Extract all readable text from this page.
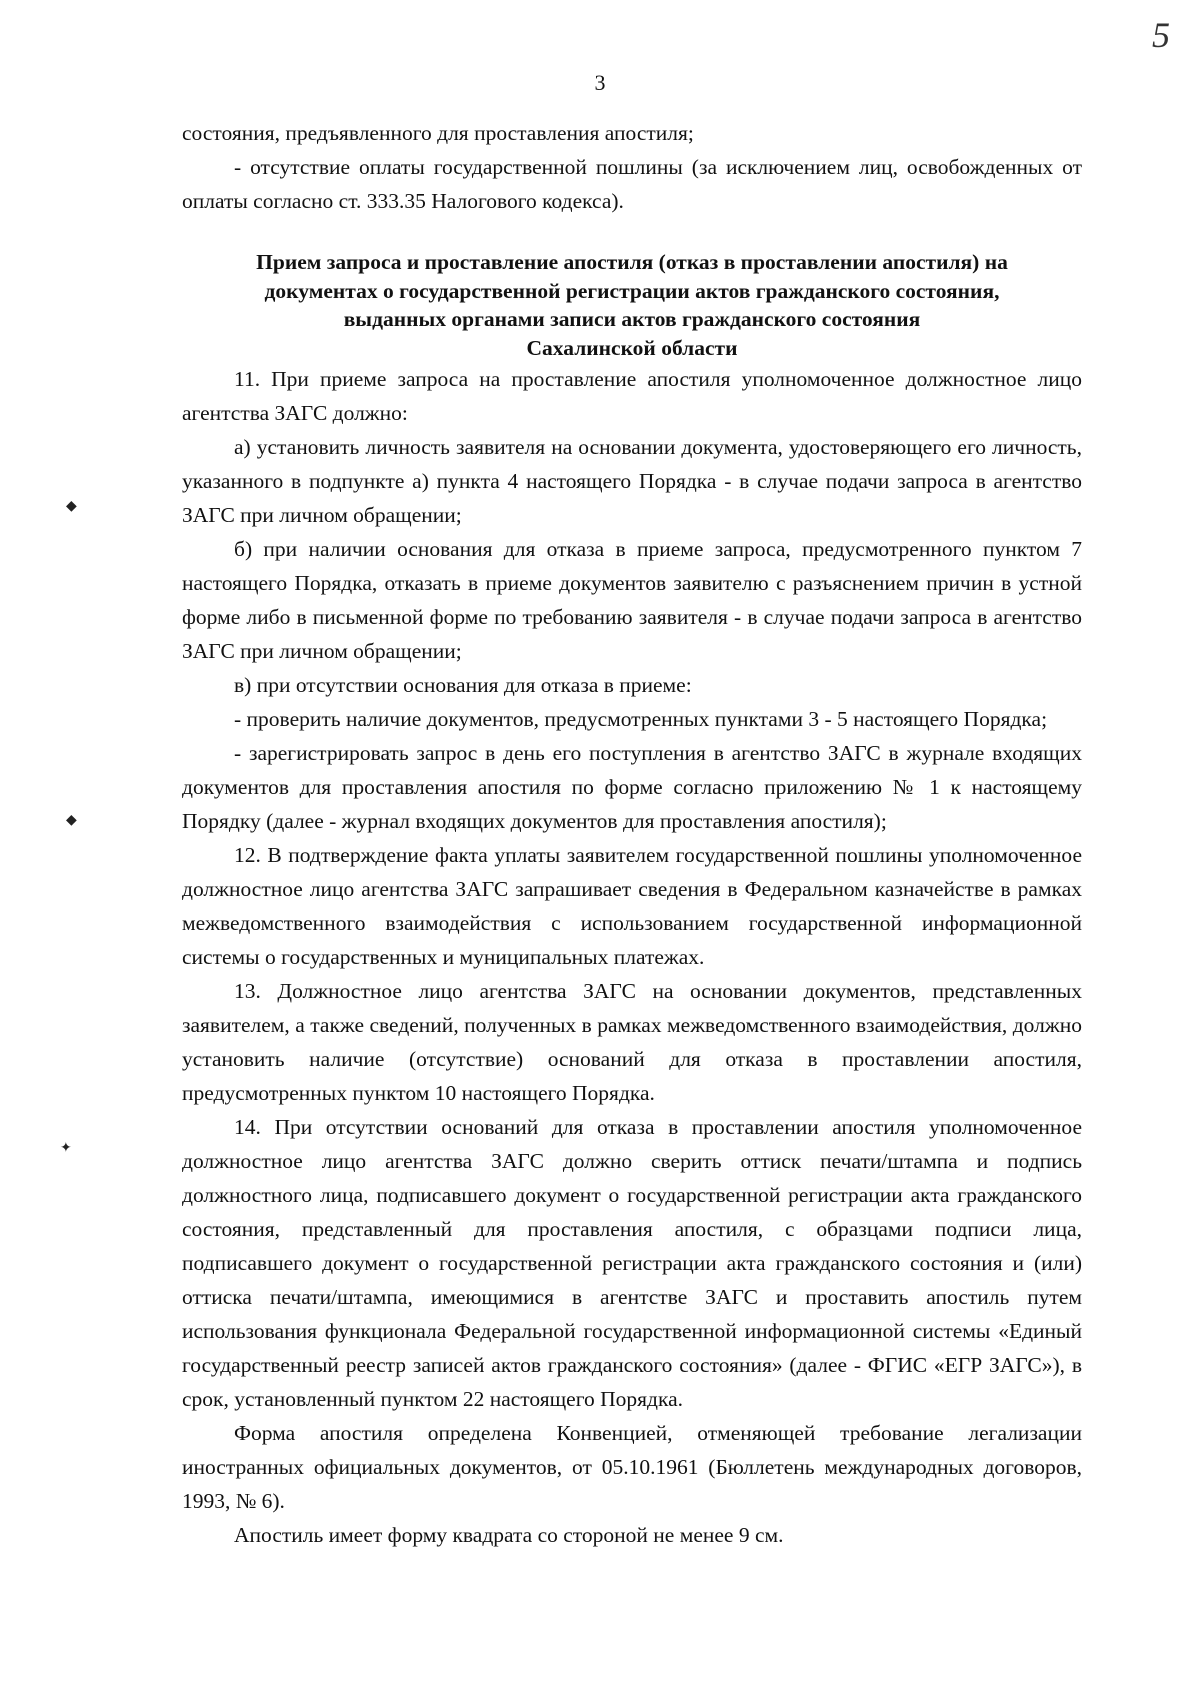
5
3

состояния, предъявленного для проставления апостиля;

- отсутствие оплаты государственной пошлины (за исключением лиц, освобожденных от оплаты согласно ст. 333.35 Налогового кодекса).

Прием запроса и проставление апостиля (отказ в проставлении апостиля) на
документах о государственной регистрации актов гражданского состояния,
выданных органами записи актов гражданского состояния
Сахалинской области

11. При приеме запроса на проставление апостиля уполномоченное должностное лицо агентства ЗАГС должно:

а) установить личность заявителя на основании документа, удостоверяющего его личность, указанного в подпункте а) пункта 4 настоящего Порядка - в случае подачи запроса в агентство ЗАГС при личном обращении;

б) при наличии основания для отказа в приеме запроса, предусмотренного пунктом 7 настоящего Порядка, отказать в приеме документов заявителю с разъяснением причин в устной форме либо в письменной форме по требованию заявителя - в случае подачи запроса в агентство ЗАГС при личном обращении;

в) при отсутствии основания для отказа в приеме:

- проверить наличие документов, предусмотренных пунктами 3 - 5 настоящего Порядка;

- зарегистрировать запрос в день его поступления в агентство ЗАГС в журнале входящих документов для проставления апостиля по форме согласно приложению № 1 к настоящему Порядку (далее - журнал входящих документов для проставления апостиля);

12. В подтверждение факта уплаты заявителем государственной пошлины уполномоченное должностное лицо агентства ЗАГС запрашивает сведения в Федеральном казначействе в рамках межведомственного взаимодействия с использованием государственной информационной системы о государственных и муниципальных платежах.

13. Должностное лицо агентства ЗАГС на основании документов, представленных заявителем, а также сведений, полученных в рамках межведомственного взаимодействия, должно установить наличие (отсутствие) оснований для отказа в проставлении апостиля, предусмотренных пунктом 10 настоящего Порядка.

14. При отсутствии оснований для отказа в проставлении апостиля уполномоченное должностное лицо агентства ЗАГС должно сверить оттиск печати/штампа и подпись должностного лица, подписавшего документ о государственной регистрации акта гражданского состояния, представленный для проставления апостиля, с образцами подписи лица, подписавшего документ о государственной регистрации акта гражданского состояния и (или) оттиска печати/штампа, имеющимися в агентстве ЗАГС и проставить апостиль путем использования функционала Федеральной государственной информационной системы «Единый государственный реестр записей актов гражданского состояния» (далее - ФГИС «ЕГР ЗАГС»), в срок, установленный пунктом 22 настоящего Порядка.

Форма апостиля определена Конвенцией, отменяющей требование легализации иностранных официальных документов, от 05.10.1961 (Бюллетень международных договоров, 1993, № 6).

Апостиль имеет форму квадрата со стороной не менее 9 см.

◆
◆
✦
